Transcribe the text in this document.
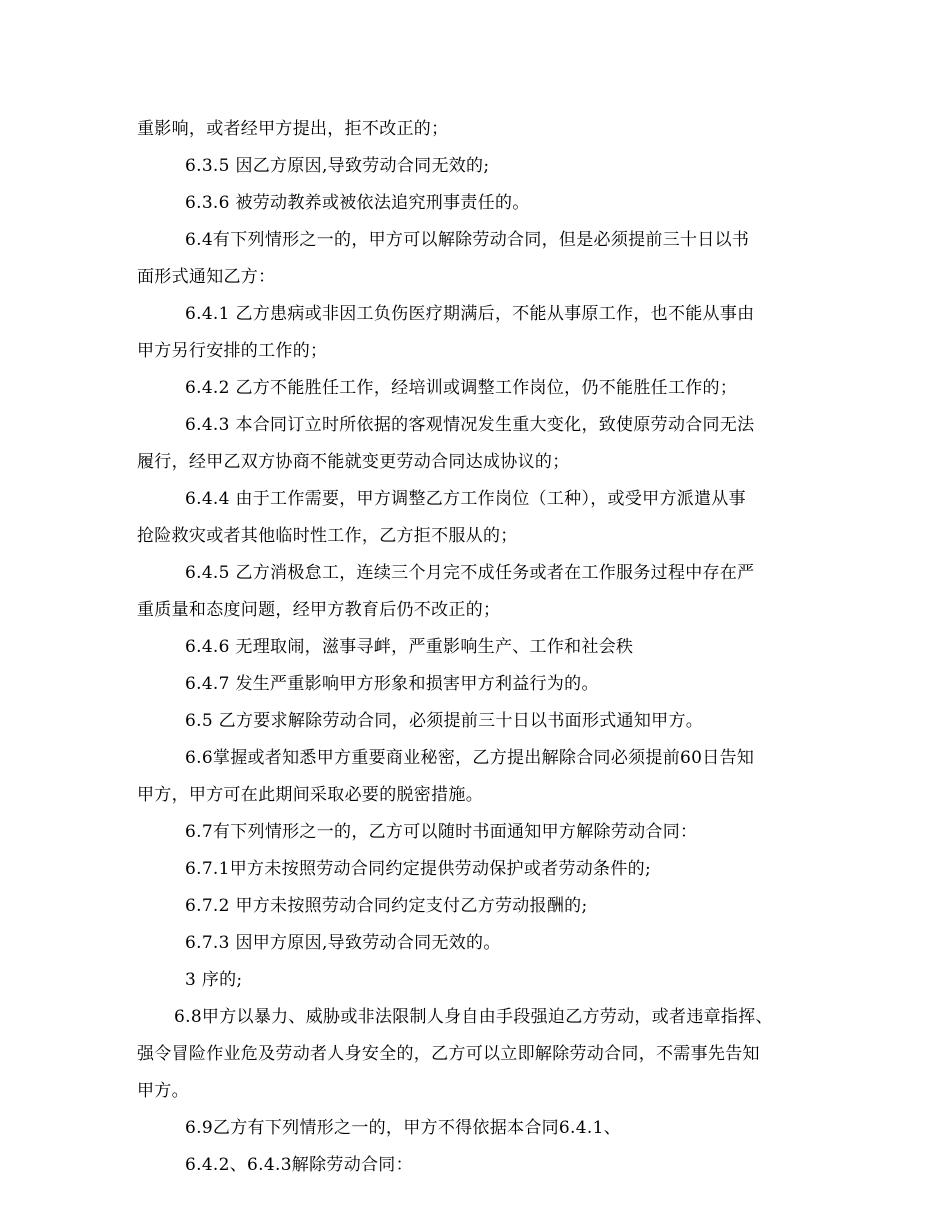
重影响，或者经甲方提出，拒不改正的；
6.3.5 因乙方原因,导致劳动合同无效的;
6.3.6 被劳动教养或被依法追究刑事责任的。
6.4有下列情形之一的，甲方可以解除劳动合同，但是必须提前三十日以书
面形式通知乙方：
6.4.1 乙方患病或非因工负伤医疗期满后，不能从事原工作，也不能从事由
甲方另行安排的工作的；
6.4.2 乙方不能胜任工作，经培训或调整工作岗位，仍不能胜任工作的；
6.4.3 本合同订立时所依据的客观情况发生重大变化，致使原劳动合同无法
履行，经甲乙双方协商不能就变更劳动合同达成协议的；
6.4.4 由于工作需要，甲方调整乙方工作岗位（工种），或受甲方派遣从事
抢险救灾或者其他临时性工作，乙方拒不服从的；
6.4.5 乙方消极怠工，连续三个月完不成任务或者在工作服务过程中存在严
重质量和态度问题，经甲方教育后仍不改正的；
6.4.6 无理取闹，滋事寻衅，严重影响生产、工作和社会秩
6.4.7 发生严重影响甲方形象和损害甲方利益行为的。
6.5 乙方要求解除劳动合同，必须提前三十日以书面形式通知甲方。
6.6掌握或者知悉甲方重要商业秘密，乙方提出解除合同必须提前60日告知
甲方，甲方可在此期间采取必要的脱密措施。
6.7有下列情形之一的，乙方可以随时书面通知甲方解除劳动合同：
6.7.1甲方未按照劳动合同约定提供劳动保护或者劳动条件的;
6.7.2 甲方未按照劳动合同约定支付乙方劳动报酬的;
6.7.3 因甲方原因,导致劳动合同无效的。
3 序的;
6.8甲方以暴力、威胁或非法限制人身自由手段强迫乙方劳动，或者违章指挥、
强令冒险作业危及劳动者人身安全的，乙方可以立即解除劳动合同，不需事先告知
甲方。
6.9乙方有下列情形之一的，甲方不得依据本合同6.4.1、
6.4.2、6.4.3解除劳动合同：
